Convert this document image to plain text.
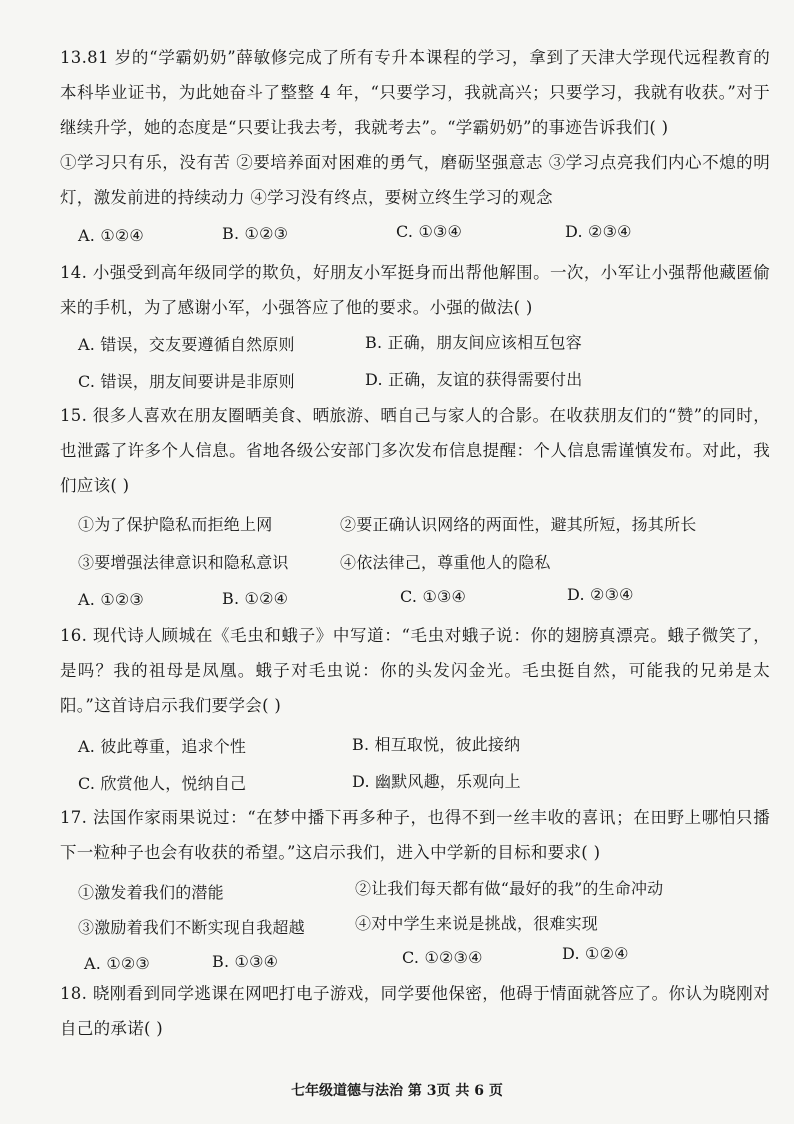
13.81 岁的“学霸奶奶”薛敏修完成了所有专升本课程的学习，拿到了天津大学现代远程教育的本科毕业证书，为此她奋斗了整整 4 年，“只要学习，我就高兴；只要学习，我就有收获。”对于继续升学，她的态度是“只要让我去考，我就考去”。“学霸奶奶”的事迹告诉我们( )

①学习只有乐，没有苦 ②要培养面对困难的勇气，磨砺坚强意志 ③学习点亮我们内心不熄的明灯，激发前进的持续动力 ④学习没有终点，要树立终生学习的观念

A. ①②④	B. ①②③	C. ①③④	D. ②③④

14. 小强受到高年级同学的欺负，好朋友小军挺身而出帮他解围。一次，小军让小强帮他藏匿偷来的手机，为了感谢小军，小强答应了他的要求。小强的做法( )

A. 错误，交友要遵循自然原则	B. 正确，朋友间应该相互包容
C. 错误，朋友间要讲是非原则	D. 正确，友谊的获得需要付出

15. 很多人喜欢在朋友圈晒美食、晒旅游、晒自己与家人的合影。在收获朋友们的“赞”的同时，也泄露了许多个人信息。省地各级公安部门多次发布信息提醒：个人信息需谨慎发布。对此，我们应该( )

①为了保护隐私而拒绝上网	②要正确认识网络的两面性，避其所短，扬其所长
③要增强法律意识和隐私意识	④依法律己，尊重他人的隐私
A. ①②③	B. ①②④	C. ①③④	D. ②③④

16. 现代诗人顾城在《毛虫和蛾子》中写道：“毛虫对蛾子说：你的翅膀真漂亮。蛾子微笑了，是吗？我的祖母是凤凰。蛾子对毛虫说：你的头发闪金光。毛虫挺自然，可能我的兄弟是太阳。”这首诗启示我们要学会( )

A. 彼此尊重，追求个性	B. 相互取悦，彼此接纳
C. 欣赏他人，悦纳自己	D. 幽默风趣，乐观向上

17. 法国作家雨果说过：“在梦中播下再多种子，也得不到一丝丰收的喜讯；在田野上哪怕只播下一粒种子也会有收获的希望。”这启示我们，进入中学新的目标和要求( )

①激发着我们的潜能	②让我们每天都有做“最好的我”的生命冲动
③激励着我们不断实现自我超越	④对中学生来说是挑战，很难实现
A. ①②③	B. ①③④	C. ①②③④	D. ①②④

18. 晓刚看到同学逃课在网吧打电子游戏，同学要他保密，他碍于情面就答应了。你认为晓刚对自己的承诺( )

七年级道德与法治 第 3页 共 6 页
